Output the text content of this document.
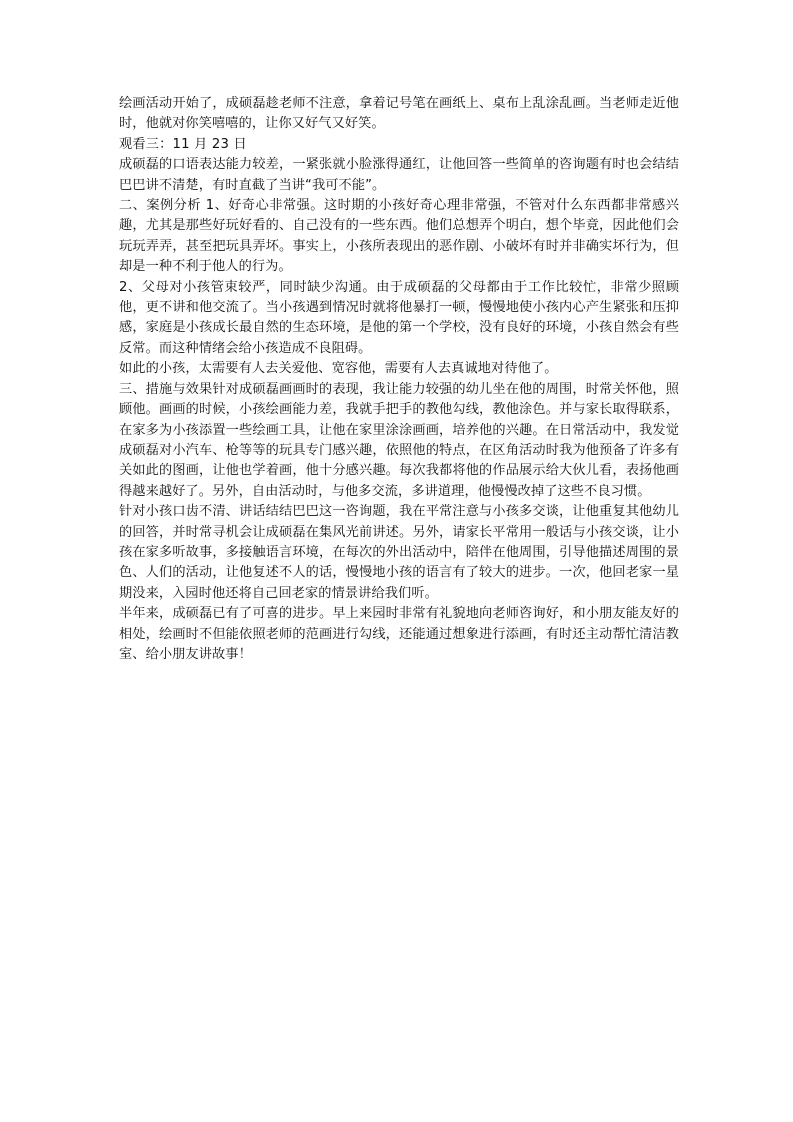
绘画活动开始了，成硕磊趁老师不注意，拿着记号笔在画纸上、桌布上乱涂乱画。当老师走近他时，他就对你笑嘻嘻的，让你又好气又好笑。

观看三：11 月 23 日

成硕磊的口语表达能力较差，一紧张就小脸涨得通红，让他回答一些简单的咨询题有时也会结结巴巴讲不清楚，有时直截了当讲“我可不能”。

二、案例分析 1、好奇心非常强。这时期的小孩好奇心理非常强，不管对什么东西都非常感兴趣，尤其是那些好玩好看的、自己没有的一些东西。他们总想弄个明白，想个毕竟，因此他们会玩玩弄弄，甚至把玩具弄坏。事实上，小孩所表现出的恶作剧、小破坏有时并非确实坏行为，但却是一种不利于他人的行为。

2、父母对小孩管束较严，同时缺少沟通。由于成硕磊的父母都由于工作比较忙，非常少照顾他，更不讲和他交流了。当小孩遇到情况时就将他暴打一顿，慢慢地使小孩内心产生紧张和压抑感，家庭是小孩成长最自然的生态环境，是他的第一个学校，没有良好的环境，小孩自然会有些反常。而这种情绪会给小孩造成不良阻碍。

如此的小孩，太需要有人去关爱他、宽容他，需要有人去真诚地对待他了。

三、措施与效果针对成硕磊画画时的表现，我让能力较强的幼儿坐在他的周围，时常关怀他，照顾他。画画的时候，小孩绘画能力差，我就手把手的教他勾线，教他涂色。并与家长取得联系，在家多为小孩添置一些绘画工具，让他在家里涂涂画画，培养他的兴趣。在日常活动中，我发觉成硕磊对小汽车、枪等等的玩具专门感兴趣，依照他的特点，在区角活动时我为他预备了许多有关如此的图画，让他也学着画，他十分感兴趣。每次我都将他的作品展示给大伙儿看，表扬他画得越来越好了。另外，自由活动时，与他多交流，多讲道理，他慢慢改掉了这些不良习惯。

针对小孩口齿不清、讲话结结巴巴这一咨询题，我在平常注意与小孩多交谈，让他重复其他幼儿的回答，并时常寻机会让成硕磊在集风光前讲述。另外，请家长平常用一般话与小孩交谈，让小孩在家多听故事，多接触语言环境，在每次的外出活动中，陪伴在他周围，引导他描述周围的景色、人们的活动，让他复述不人的话，慢慢地小孩的语言有了较大的进步。一次，他回老家一星期没来，入园时他还将自己回老家的情景讲给我们听。

半年来，成硕磊已有了可喜的进步。早上来园时非常有礼貌地向老师咨询好，和小朋友能友好的相处，绘画时不但能依照老师的范画进行勾线，还能通过想象进行添画，有时还主动帮忙清洁教室、给小朋友讲故事！
